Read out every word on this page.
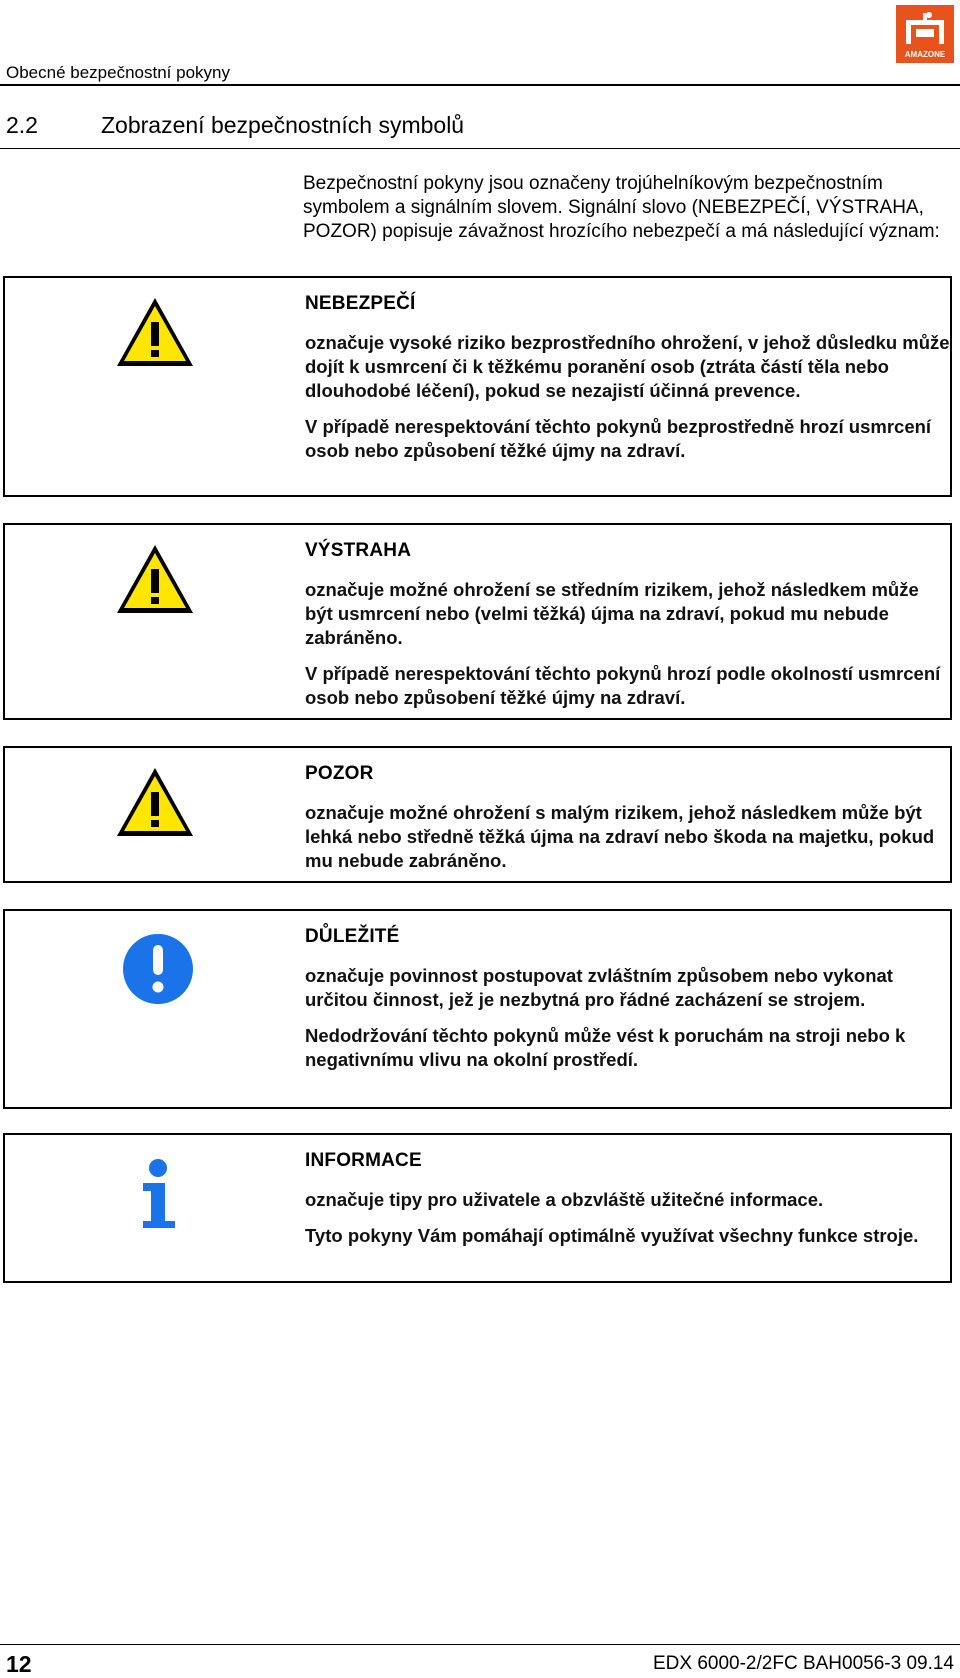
Obecné bezpečnostní pokyny
AMAZONE
2.2	Zobrazení bezpečnostních symbolů

Bezpečnostní pokyny jsou označeny trojúhelníkovým bezpečnostním symbolem a signálním slovem. Signální slovo (NEBEZPEČÍ, VÝSTRAHA, POZOR) popisuje závažnost hrozícího nebezpečí a má následující význam:

NEBEZPEČÍ

označuje vysoké riziko bezprostředního ohrožení, v jehož důsledku může dojít k usmrcení či k těžkému poranění osob (ztráta částí těla nebo dlouhodobé léčení), pokud se nezajistí účinná prevence.

V případě nerespektování těchto pokynů bezprostředně hrozí usmrcení osob nebo způsobení těžké újmy na zdraví.

VÝSTRAHA

označuje možné ohrožení se středním rizikem, jehož následkem může být usmrcení nebo (velmi těžká) újma na zdraví, pokud mu nebude zabráněno.

V případě nerespektování těchto pokynů hrozí podle okolností usmrcení osob nebo způsobení těžké újmy na zdraví.

POZOR

označuje možné ohrožení s malým rizikem, jehož následkem může být lehká nebo středně těžká újma na zdraví nebo škoda na majetku, pokud mu nebude zabráněno.

DŮLEŽITÉ

označuje povinnost postupovat zvláštním způsobem nebo vykonat určitou činnost, jež je nezbytná pro řádné zacházení se strojem.

Nedodržování těchto pokynů může vést k poruchám na stroji nebo k negativnímu vlivu na okolní prostředí.

INFORMACE

označuje tipy pro uživatele a obzvláště užitečné informace.

Tyto pokyny Vám pomáhají optimálně využívat všechny funkce stroje.

12	EDX 6000-2/2FC BAH0056-3 09.14
